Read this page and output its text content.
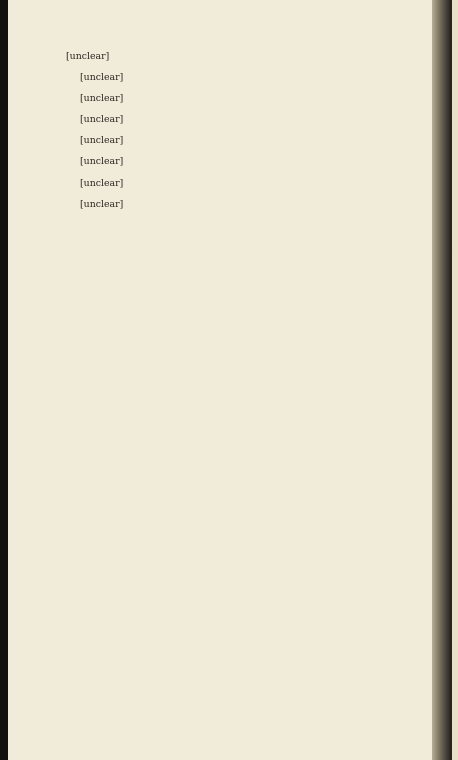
[unclear]

[unclear]

[unclear]

[unclear]

[unclear]

[unclear]

[unclear]

[unclear]
